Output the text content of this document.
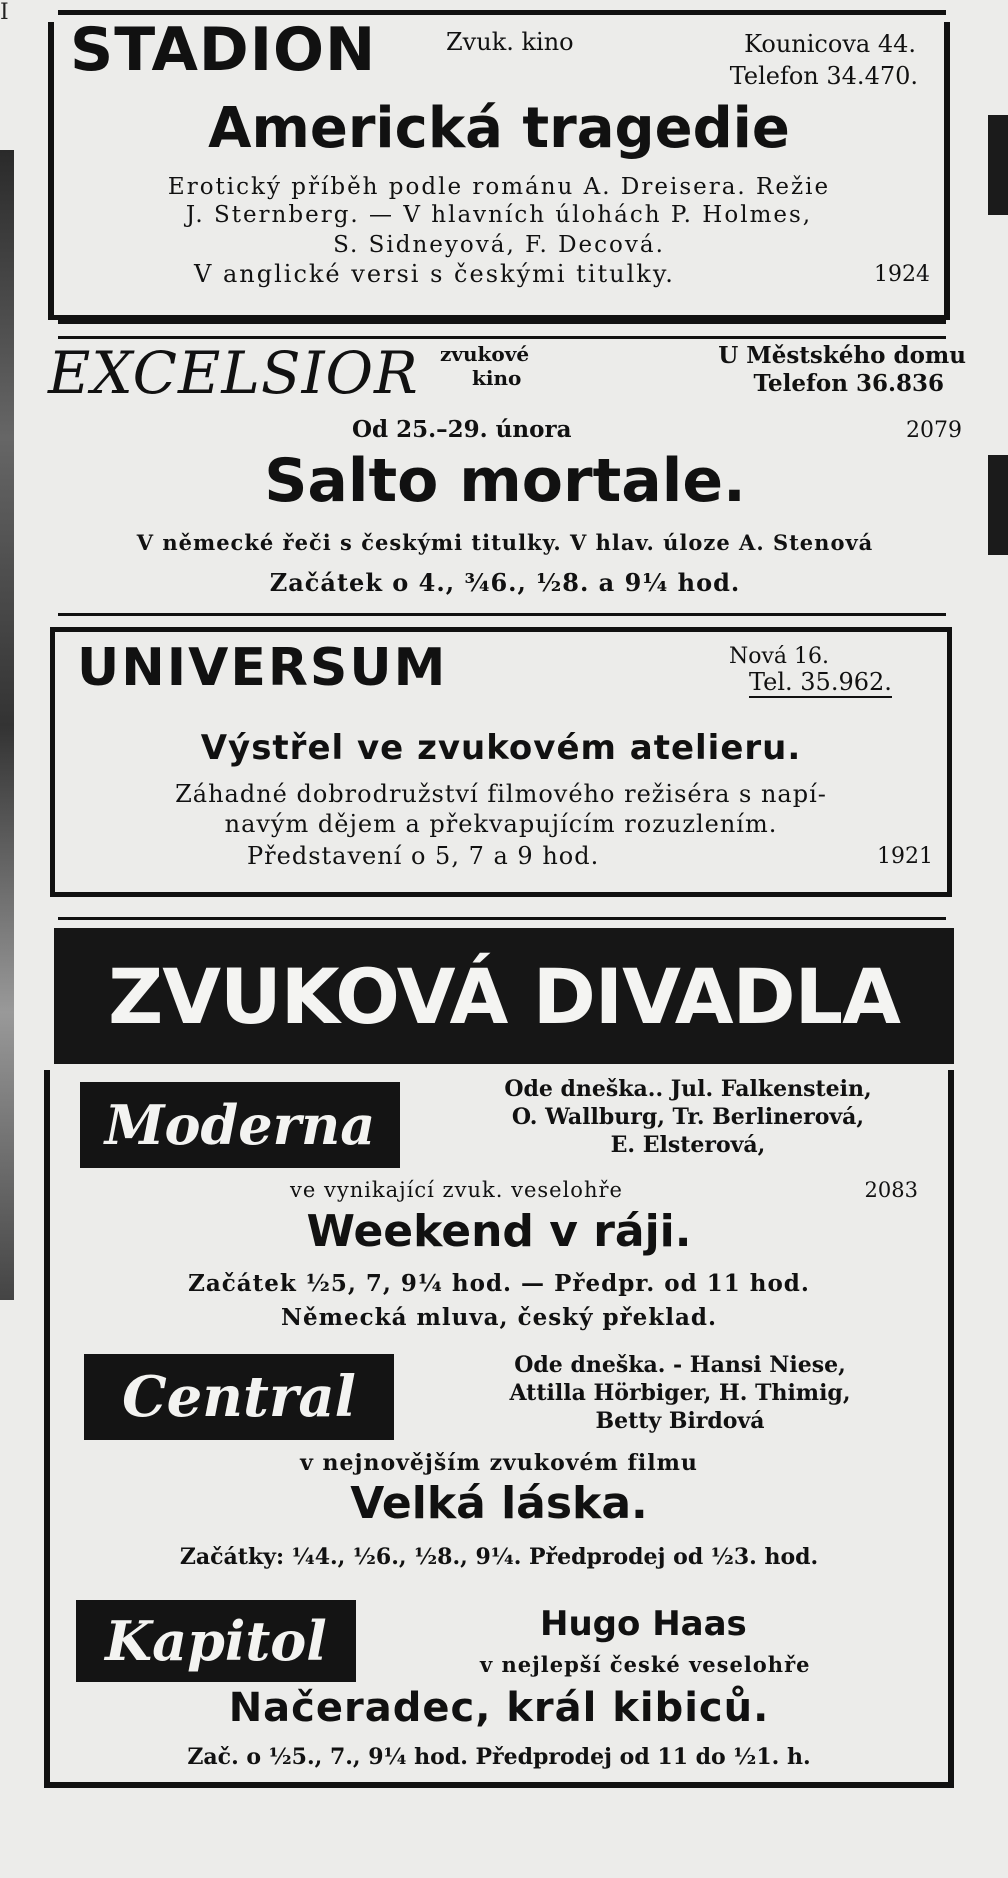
I
STADION	Zvuk. kino	Kounicova 44.
Telefon 34.470.
Americká tragedie
Erotický příběh podle románu A. Dreisera. Režie
J. Sternberg. — V hlavních úlohách P. Holmes,
S. Sidneyová, F. Decová.
V anglické versi s českými titulky.	1924
EXCELSIOR zvukové
kino
U Městského domu
Telefon 36.836
Od 25.–29. února	2079
Salto mortale.
V německé řeči s českými titulky. V hlav. úloze A. Stenová
Začátek o 4., ¾6., ½8. a 9¼ hod.
UNIVERSUM	Nová 16.
Tel. 35.962.
Výstřel ve zvukovém atelieru.
Záhadné dobrodružství filmového režiséra s napí-
navým dějem a překvapujícím rozuzlením.
Představení o 5, 7 a 9 hod.	1921
ZVUKOVÁ DIVADLA
Moderna
Ode dneška.. Jul. Falkenstein,
O. Wallburg, Tr. Berlinerová,
E. Elsterová,
ve vynikající zvuk. veselohře	2083
Weekend v ráji.
Začátek ½5, 7, 9¼ hod. — Předpr. od 11 hod.
Německá mluva, český překlad.
Central	Ode dneška. - Hansi Niese,
Attilla Hörbiger, H. Thimig,
Betty Birdová
v nejnovějším zvukovém filmu
Velká láska.
Začátky: ¼4., ½6., ½8., 9¼. Předprodej od ½3. hod.
Kapitol	Hugo Haas
v nejlepší české veselohře
Načeradec, král kibiců.
Zač. o ½5., 7., 9¼ hod. Předprodej od 11 do ½1. h.
